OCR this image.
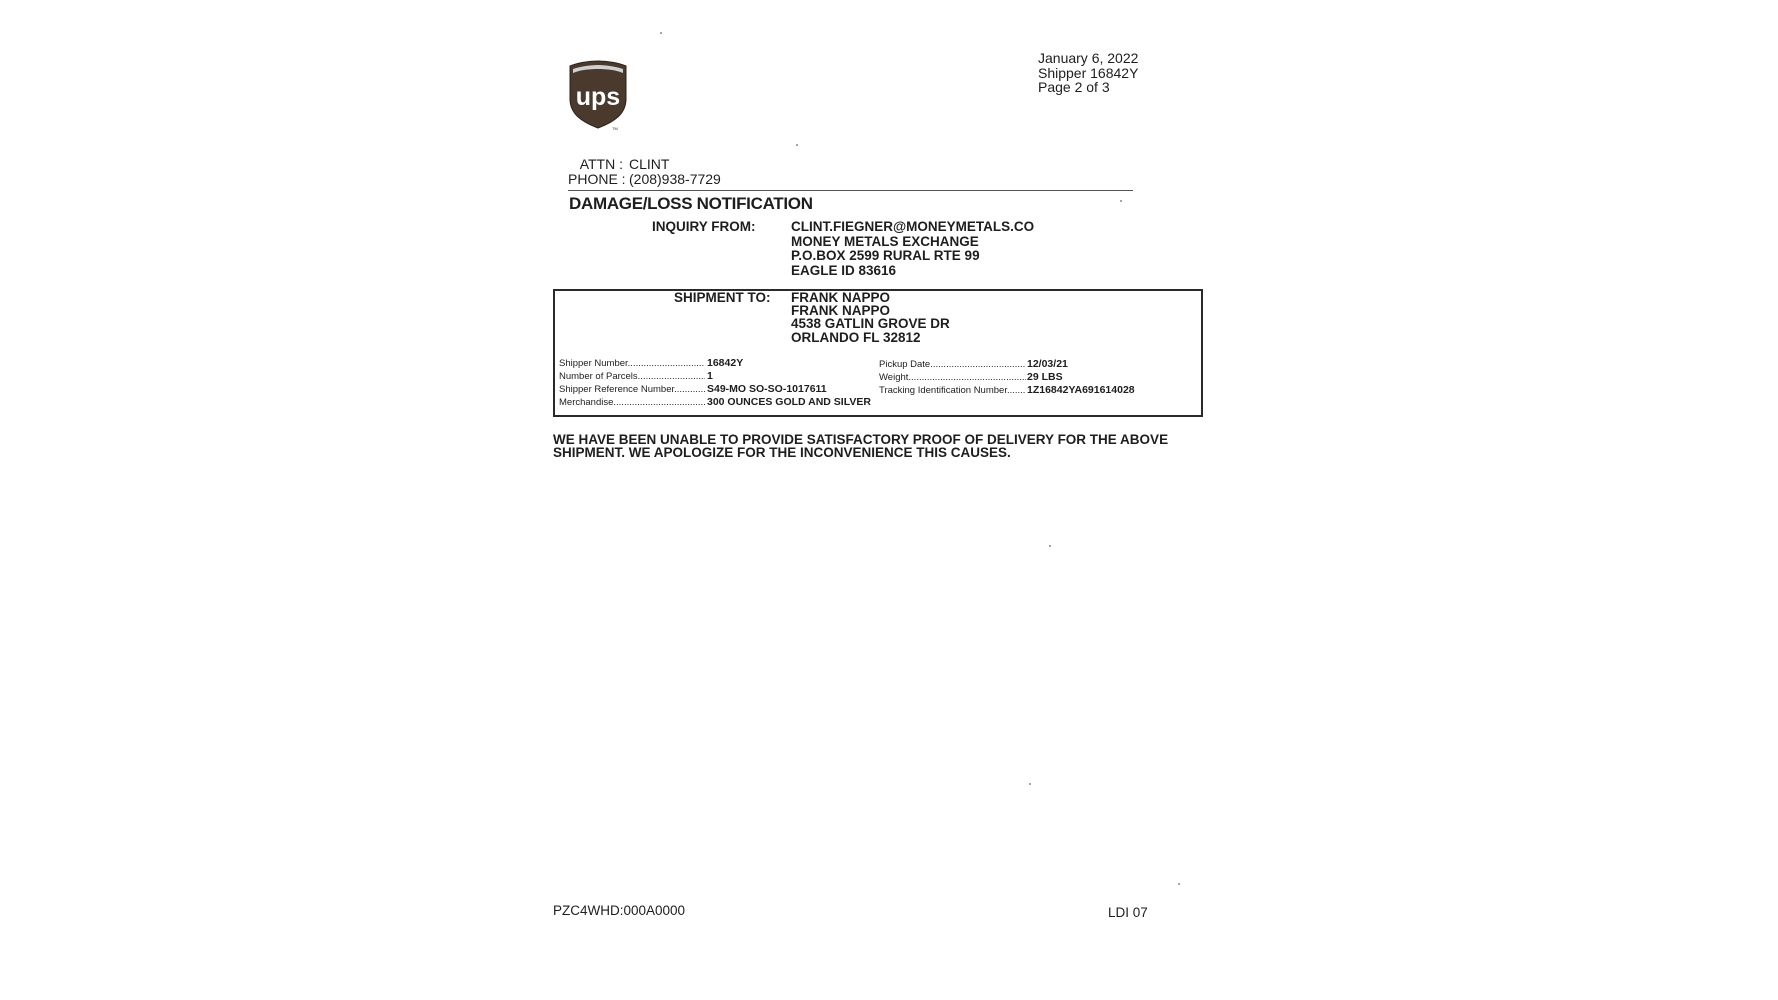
ups
TM
January 6, 2022
Shipper 16842Y
Page 2 of 3
ATTN : CLINT
PHONE : (208)938-7729
DAMAGE/LOSS NOTIFICATION
INQUIRY FROM:	CLINT.FIEGNER@MONEYMETALS.CO
MONEY METALS EXCHANGE
P.O.BOX 2599 RURAL RTE 99
EAGLE ID 83616
SHIPMENT TO: FRANK NAPPO
FRANK NAPPO
4538 GATLIN GROVE DR
ORLANDO FL 32812
Shipper Number .....	16842Y
Number of Parcels .....	1
Shipper Reference Number .....	S49-MO SO-SO-1017611
Merchandise .....	300 OUNCES GOLD AND SILVER
Pickup Date .....	12/03/21
Weight .....	29 LBS
Tracking Identification Number .....	1Z16842YA691614028
WE HAVE BEEN UNABLE TO PROVIDE SATISFACTORY PROOF OF DELIVERY FOR THE ABOVE
SHIPMENT. WE APOLOGIZE FOR THE INCONVENIENCE THIS CAUSES.
PZC4WHD:000A0000	LDI 07
